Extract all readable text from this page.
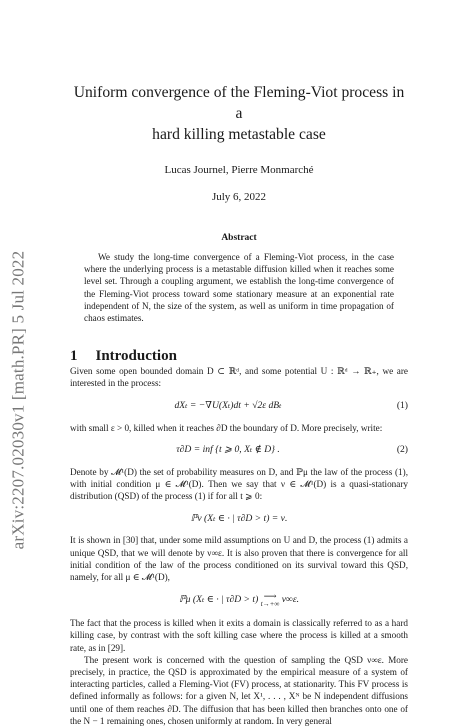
arXiv:2207.02030v1 [math.PR] 5 Jul 2022
Uniform convergence of the Fleming-Viot process in a
hard killing metastable case
Lucas Journel, Pierre Monmarché
July 6, 2022
Abstract
We study the long-time convergence of a Fleming-Viot process, in the case where the underlying process is a metastable diffusion killed when it reaches some level set. Through a coupling argument, we establish the long-time convergence of the Fleming-Viot process toward some stationary measure at an exponential rate independent of N, the size of the system, as well as uniform in time propagation of chaos estimates.
1 Introduction

Given some open bounded domain D ⊂ ℝᵈ, and some potential U : ℝᵈ → ℝ₊, we are interested in the process:

dXₜ = −∇U(Xₜ)dt + √2ε dBₜ	(1)

with small ε > 0, killed when it reaches ∂D the boundary of D. More precisely, write:

τ∂D = inf {t ⩾ 0, Xₜ ∉ D} .	(2)

Denote by 𝓜¹(D) the set of probability measures on D, and ℙμ the law of the process (1), with initial condition μ ∈ 𝓜¹(D). Then we say that ν ∈ 𝓜¹(D) is a quasi-stationary distribution (QSD) of the process (1) if for all t ⩾ 0:

ℙν (Xₜ ∈ · | τ∂D > t) = ν.

It is shown in [30] that, under some mild assumptions on U and D, the process (1) admits a unique QSD, that we will denote by ν∞ε. It is also proven that there is convergence for all initial condition of the law of the process conditioned on its survival toward this QSD, namely, for all μ ∈ 𝓜¹(D),

ℙμ (Xₜ ∈ · | τ∂D > t) ⟶
t→+∞ ν∞ε.

The fact that the process is killed when it exits a domain is classically referred to as a hard killing case, by contrast with the soft killing case where the process is killed at a smooth rate, as in [29].

The present work is concerned with the question of sampling the QSD ν∞ε. More precisely, in practice, the QSD is approximated by the empirical measure of a system of interacting particles, called a Fleming-Viot (FV) process, at stationarity. This FV process is defined informally as follows: for a given N, let X¹, . . . , Xᴺ be N independent diffusions until one of them reaches ∂D. The diffusion that has been killed then branches onto one of the N − 1 remaining ones, chosen uniformly at random. In very general
